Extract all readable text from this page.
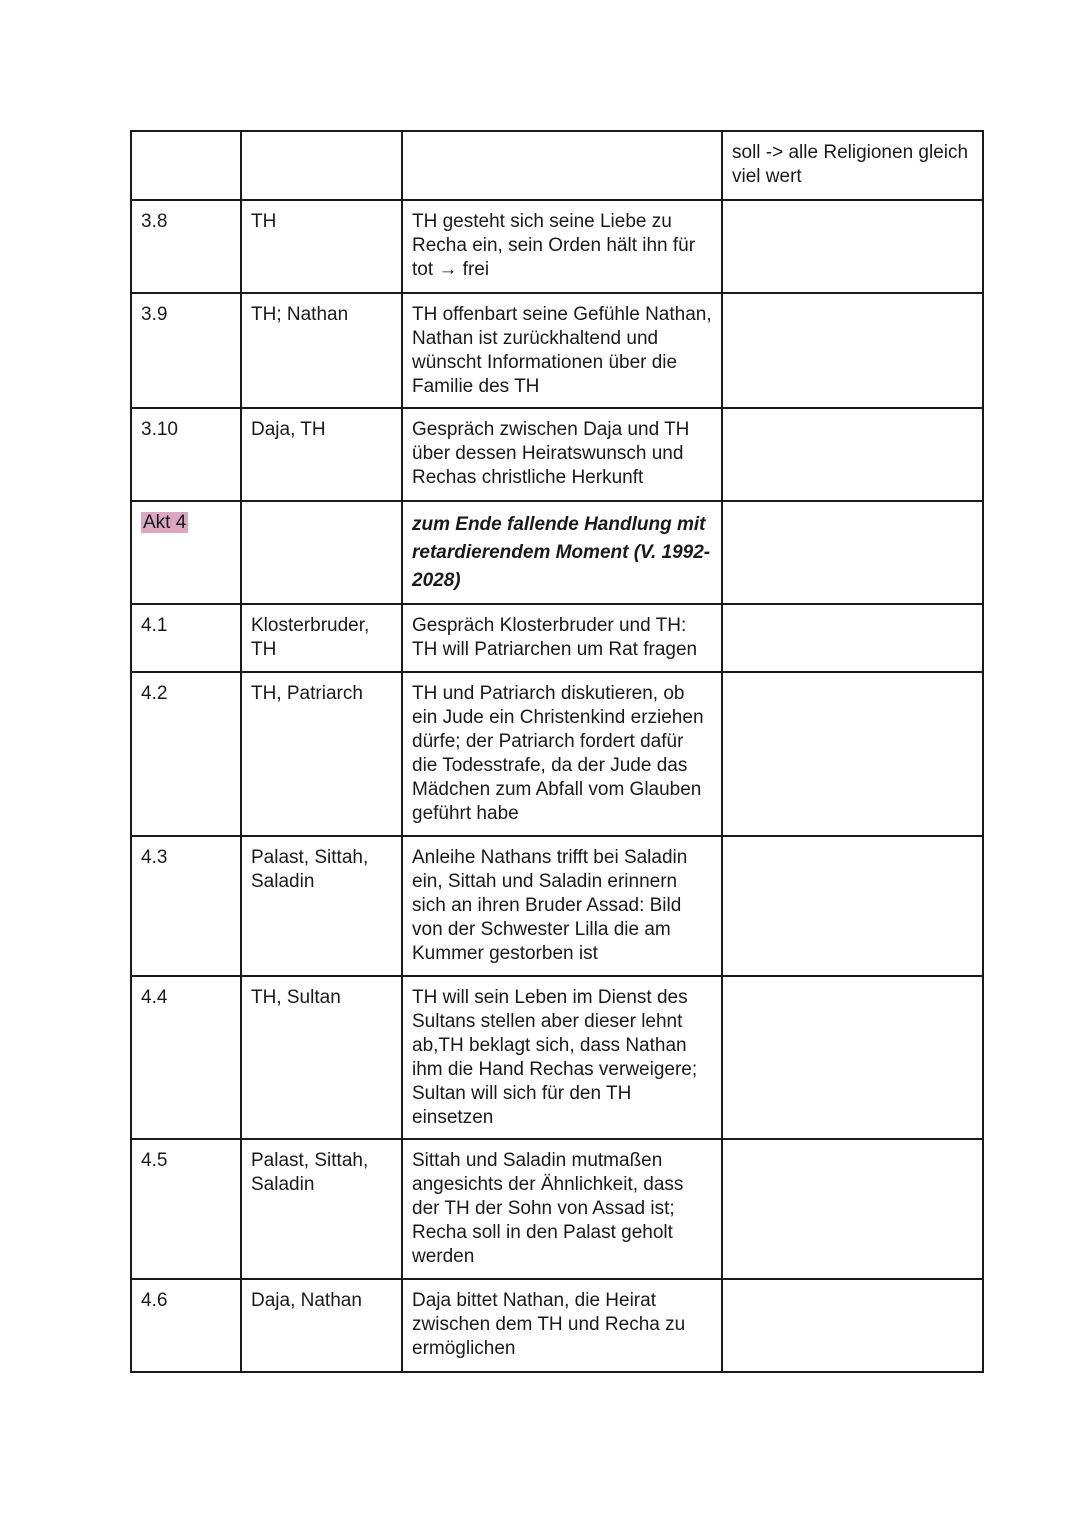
			soll -> alle Religionen gleich viel wert
3.8	TH	TH gesteht sich seine Liebe zu Recha ein, sein Orden hält ihn für tot → frei	
3.9	TH; Nathan	TH offenbart seine Gefühle Nathan, Nathan ist zurückhaltend und wünscht Informationen über die Familie des TH	
3.10	Daja, TH	Gespräch zwischen Daja und TH über dessen Heiratswunsch und Rechas christliche Herkunft	
Akt 4		zum Ende fallende Handlung mit retardierendem Moment (V. 1992-2028)	

4.1	Klosterbruder, TH	Gespräch Klosterbruder und TH: TH will Patriarchen um Rat fragen	
4.2	TH, Patriarch	TH und Patriarch diskutieren, ob ein Jude ein Christenkind erziehen dürfe; der Patriarch fordert dafür die Todesstrafe, da der Jude das Mädchen zum Abfall vom Glauben geführt habe	
4.3	Palast, Sittah, Saladin	Anleihe Nathans trifft bei Saladin ein, Sittah und Saladin erinnern sich an ihren Bruder Assad: Bild von der Schwester Lilla die am Kummer gestorben ist	
4.4	TH, Sultan	TH will sein Leben im Dienst des Sultans stellen aber dieser lehnt ab,TH beklagt sich, dass Nathan ihm die Hand Rechas verweigere; Sultan will sich für den TH einsetzen	
4.5	Palast, Sittah, Saladin	Sittah und Saladin mutmaßen angesichts der Ähnlichkeit, dass der TH der Sohn von Assad ist; Recha soll in den Palast geholt werden	
4.6	Daja, Nathan	Daja bittet Nathan, die Heirat zwischen dem TH und Recha zu ermöglichen	
